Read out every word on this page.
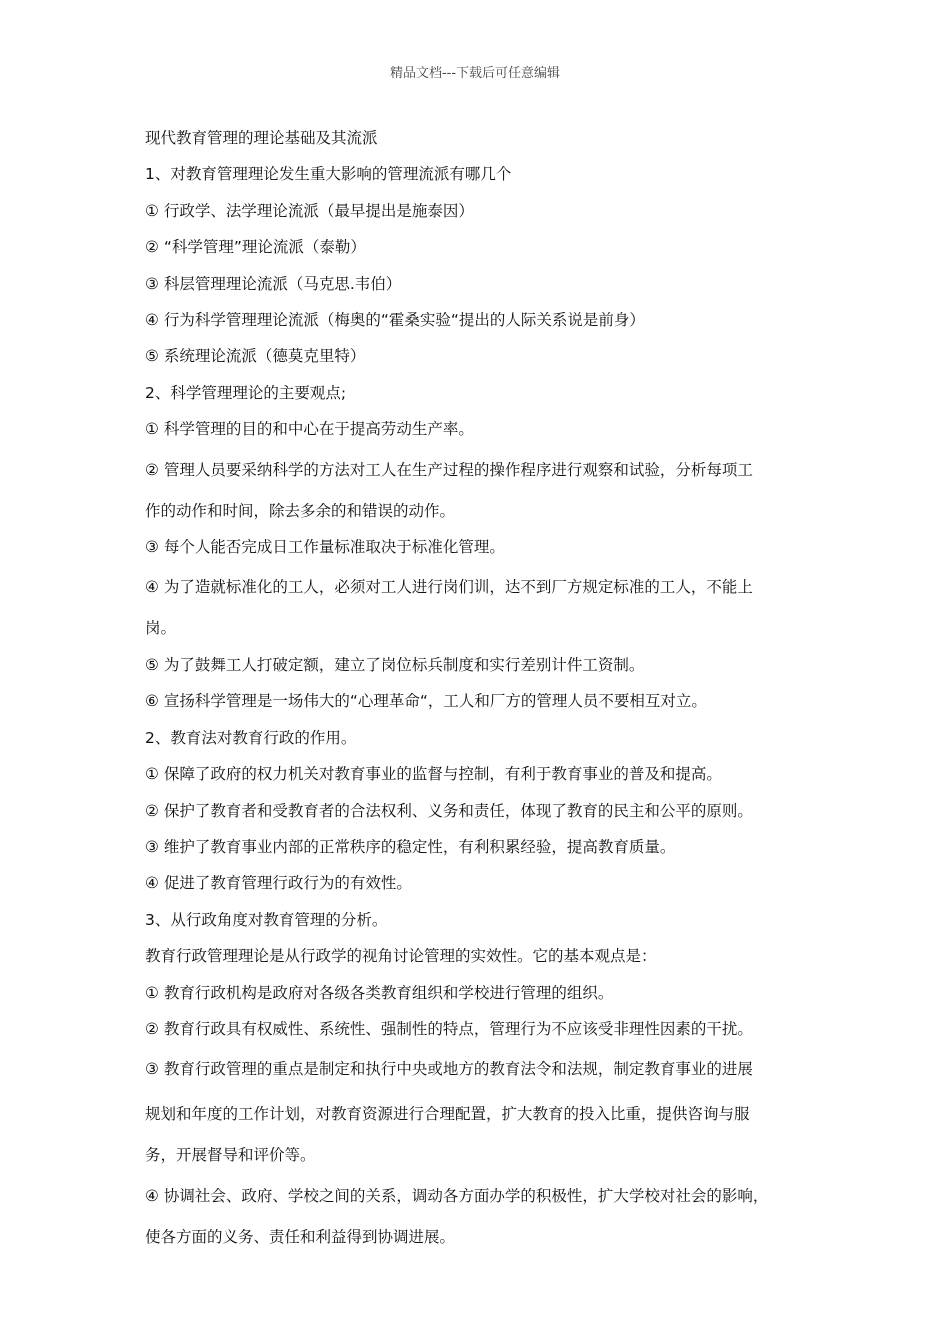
精品文档---下载后可任意编辑
现代教育管理的理论基础及其流派
1、对教育管理理论发生重大影响的管理流派有哪几个
① 行政学、法学理论流派（最早提出是施泰因）
② “科学管理”理论流派（泰勒）
③ 科层管理理论流派（马克思.韦伯）
④ 行为科学管理理论流派（梅奥的“霍桑实验“提出的人际关系说是前身）
⑤ 系统理论流派（德莫克里特）
2、科学管理理论的主要观点;
① 科学管理的目的和中心在于提高劳动生产率。
② 管理人员要采纳科学的方法对工人在生产过程的操作程序进行观察和试验，分析每项工
作的动作和时间，除去多余的和错误的动作。
③ 每个人能否完成日工作量标准取决于标准化管理。
④ 为了造就标准化的工人，必须对工人进行岗们训，达不到厂方规定标准的工人，不能上
岗。
⑤ 为了鼓舞工人打破定额，建立了岗位标兵制度和实行差别计件工资制。
⑥ 宣扬科学管理是一场伟大的“心理革命“，工人和厂方的管理人员不要相互对立。
2、教育法对教育行政的作用。
① 保障了政府的权力机关对教育事业的监督与控制，有利于教育事业的普及和提高。
② 保护了教育者和受教育者的合法权利、义务和责任，体现了教育的民主和公平的原则。
③ 维护了教育事业内部的正常秩序的稳定性，有利积累经验，提高教育质量。
④ 促进了教育管理行政行为的有效性。
3、从行政角度对教育管理的分析。
教育行政管理理论是从行政学的视角讨论管理的实效性。它的基本观点是：
① 教育行政机构是政府对各级各类教育组织和学校进行管理的组织。
② 教育行政具有权威性、系统性、强制性的特点，管理行为不应该受非理性因素的干扰。
③ 教育行政管理的重点是制定和执行中央或地方的教育法令和法规，制定教育事业的进展
规划和年度的工作计划，对教育资源进行合理配置，扩大教育的投入比重，提供咨询与服
务，开展督导和评价等。
④ 协调社会、政府、学校之间的关系，调动各方面办学的积极性，扩大学校对社会的影响，
使各方面的义务、责任和利益得到协调进展。
